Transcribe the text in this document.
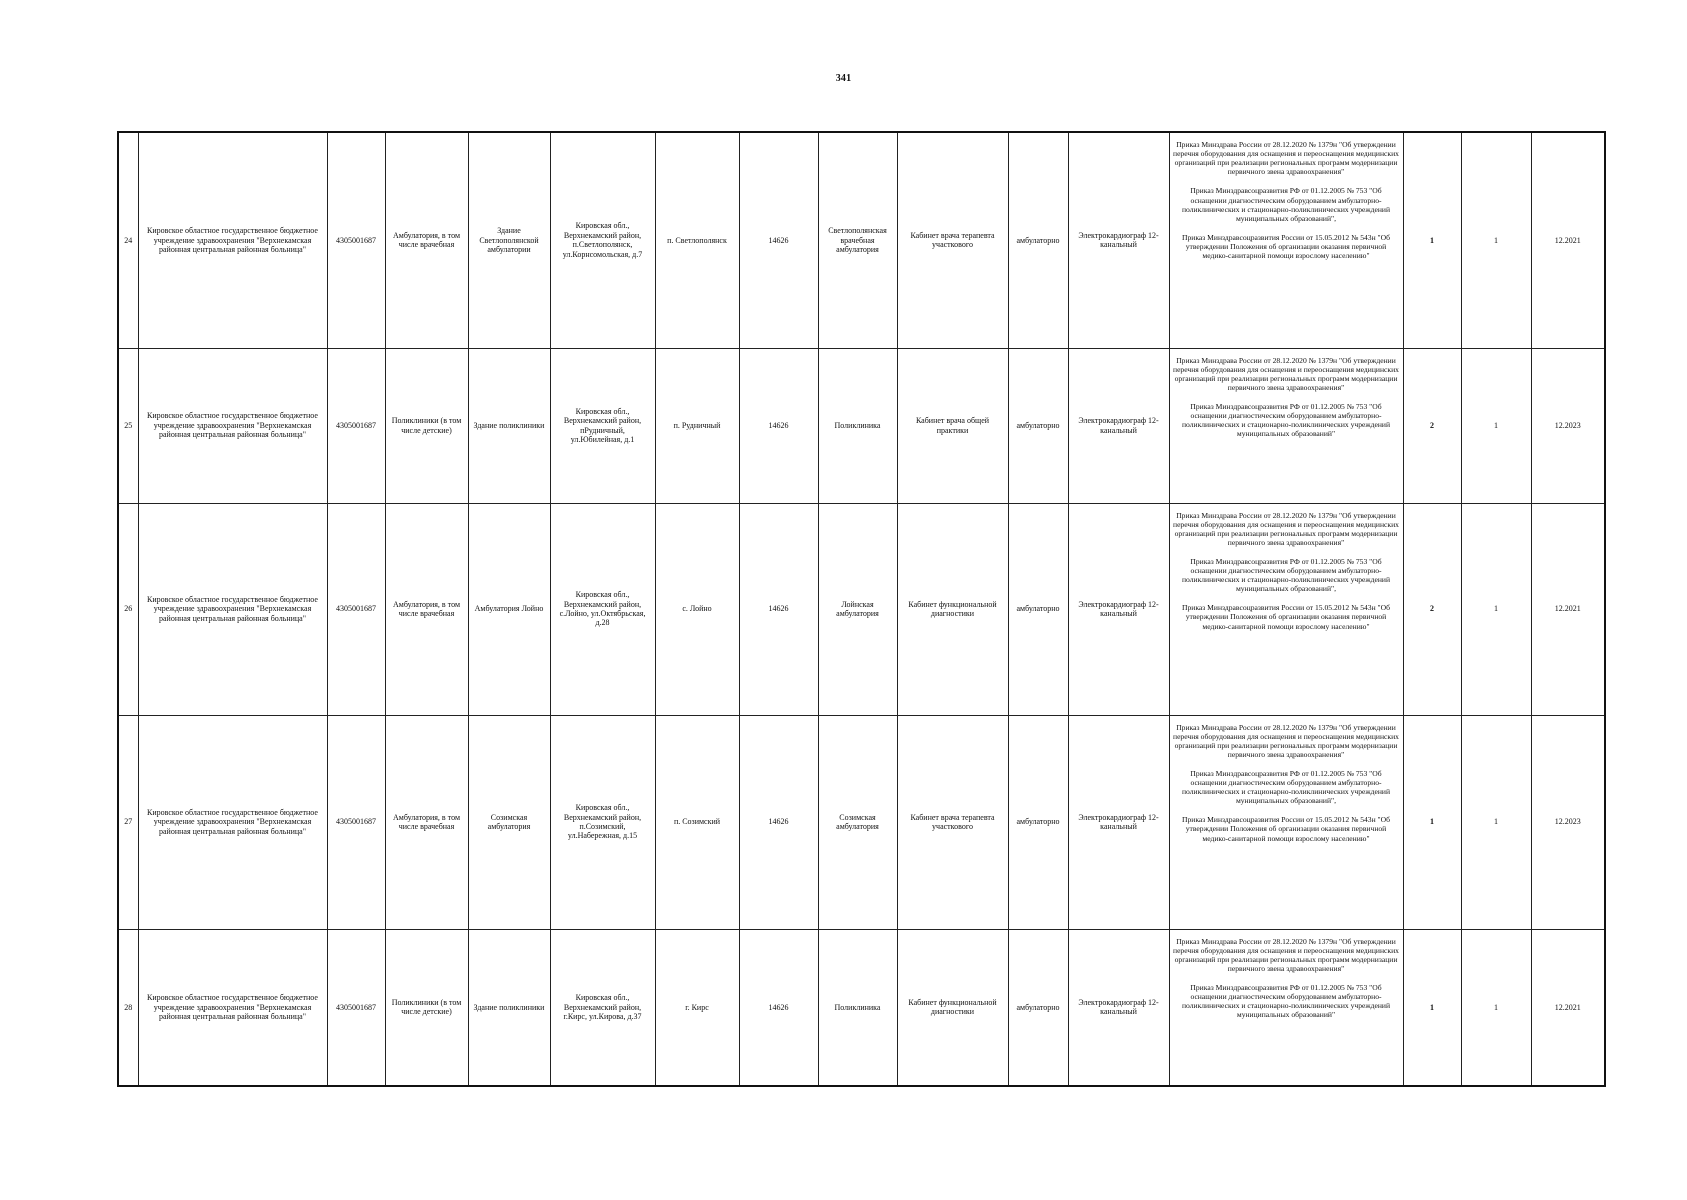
341
24	Кировское областное государственное бюджетное учреждение здравоохранения "Верхнекамская районная центральная районная больница"	4305001687	Амбулатория, в том числе врачебная	Здание Светлополянской амбулатории	Кировская обл., Верхнекамский район, п.Светлополянск, ул.Корнсомольская, д.7	п. Светлополянск	14626	Светлополянская врачебная амбулатория	Кабинет врача терапевта участкового	амбулаторно	Электрокардиограф 12-канальный	Приказ Минздрава России от 28.12.2020 № 1379н "Об утверждении перечня оборудования для оснащения и переоснащения медицинских организаций при реализации региональных программ модернизации первичного звена здравоохранения"
Приказ Минздравсоцразвития РФ от 01.12.2005 № 753 "Об оснащении диагностическим оборудованием амбулаторно-поликлинических и стационарно-поликлинических учреждений муниципальных образований",
Приказ Минздравсоцразвития России от 15.05.2012 № 543н "Об утверждении Положения об организации оказания первичной медико-санитарной помощи взрослому населению"	1	1	12.2021
25	Кировское областное государственное бюджетное учреждение здравоохранения "Верхнекамская районная центральная районная больница"	4305001687	Поликлиники (в том числе детские)	Здание поликлиники	Кировская обл., Верхнекамский район, пРудничный, ул.Юбилейная, д.1	п. Рудничный	14626	Поликлиника	Кабинет врача общей практики	амбулаторно	Электрокардиограф 12-канальный	Приказ Минздрава России от 28.12.2020 № 1379н "Об утверждении перечня оборудования для оснащения и переоснащения медицинских организаций при реализации региональных программ модернизации первичного звена здравоохранения"
Приказ Минздравсоцразвития РФ от 01.12.2005 № 753 "Об оснащении диагностическим оборудованием амбулаторно-поликлинических и стационарно-поликлинических учреждений муниципальных образований"	2	1	12.2023
26	Кировское областное государственное бюджетное учреждение здравоохранения "Верхнекамская районная центральная районная больница"	4305001687	Амбулатория, в том числе врачебная	Амбулатория Лойно	Кировская обл., Верхнекамский район, с.Лойно, ул.Октябрьская, д.28	с. Лойно	14626	Лойнская амбулатория	Кабинет функциональной диагностики	амбулаторно	Электрокардиограф 12-канальный	Приказ Минздрава России от 28.12.2020 № 1379н "Об утверждении перечня оборудования для оснащения и переоснащения медицинских организаций при реализации региональных программ модернизации первичного звена здравоохранения"
Приказ Минздравсоцразвития РФ от 01.12.2005 № 753 "Об оснащении диагностическим оборудованием амбулаторно-поликлинических и стационарно-поликлинических учреждений муниципальных образований",
Приказ Минздравсоцразвития России от 15.05.2012 № 543н "Об утверждении Положения об организации оказания первичной медико-санитарной помощи взрослому населению"	2	1	12.2021
27	Кировское областное государственное бюджетное учреждение здравоохранения "Верхнекамская районная центральная районная больница"	4305001687	Амбулатория, в том числе врачебная	Созимская амбулатория	Кировская обл., Верхнекамский район, п.Созимский, ул.Набережная, д.15	п. Созимский	14626	Созимская амбулатория	Кабинет врача терапевта участкового	амбулаторно	Электрокардиограф 12-канальный	Приказ Минздрава России от 28.12.2020 № 1379н "Об утверждении перечня оборудования для оснащения и переоснащения медицинских организаций при реализации региональных программ модернизации первичного звена здравоохранения"
Приказ Минздравсоцразвития РФ от 01.12.2005 № 753 "Об оснащении диагностическим оборудованием амбулаторно-поликлинических и стационарно-поликлинических учреждений муниципальных образований",
Приказ Минздравсоцразвития России от 15.05.2012 № 543н "Об утверждении Положения об организации оказания первичной медико-санитарной помощи взрослому населению"	1	1	12.2023
28	Кировское областное государственное бюджетное учреждение здравоохранения "Верхнекамская районная центральная районная больница"	4305001687	Поликлиники (в том числе детские)	Здание поликлиники	Кировская обл., Верхнекамский район, г.Кирс, ул.Кирова, д.37	г. Кирс	14626	Поликлиника	Кабинет функциональной диагностики	амбулаторно	Электрокардиограф 12-канальный	Приказ Минздрава России от 28.12.2020 № 1379н "Об утверждении перечня оборудования для оснащения и переоснащения медицинских организаций при реализации региональных программ модернизации первичного звена здравоохранения"
Приказ Минздравсоцразвития РФ от 01.12.2005 № 753 "Об оснащении диагностическим оборудованием амбулаторно-поликлинических и стационарно-поликлинических учреждений муниципальных образований"	1	1	12.2021
